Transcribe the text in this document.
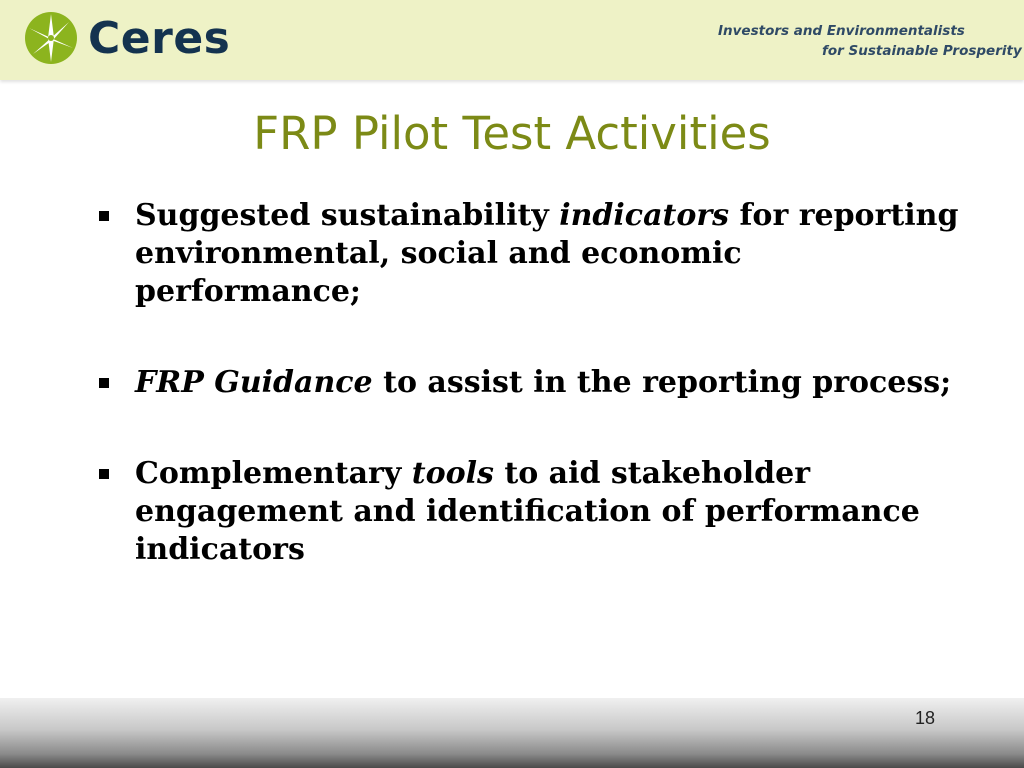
Ceres	Investors and Environmentalists
for Sustainable Prosperity
FRP Pilot Test Activities
Suggested sustainability indicators for reporting environmental, social and economic performance;
FRP Guidance to assist in the reporting process;
Complementary tools to aid stakeholder engagement and identification of performance indicators
18
